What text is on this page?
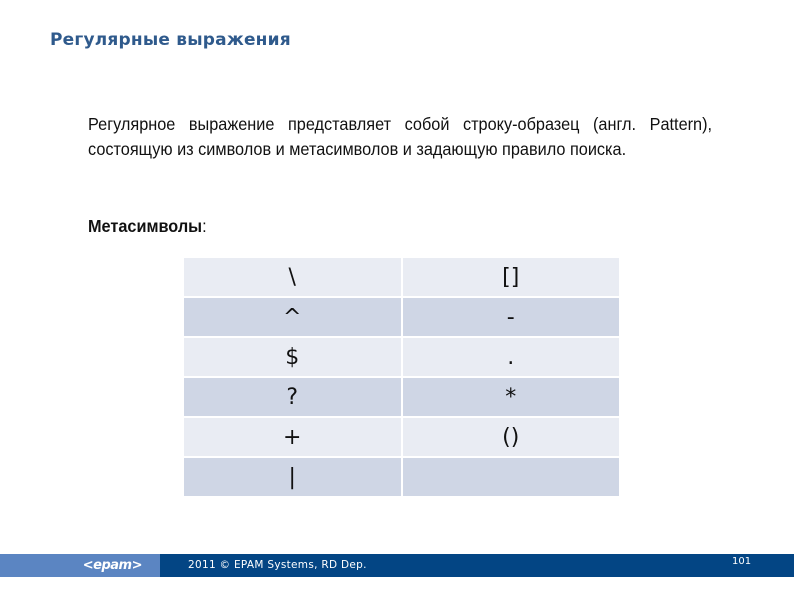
Регулярные выражения
Регулярное выражение представляет собой строку-образец (англ. Pattern), состоящую из символов и метасимволов и задающую правило поиска.
Метасимволы:
\	[]
^	-
$	.
?	*
+	()
|	
<epam>	2011 © EPAM Systems, RD Dep.	101
